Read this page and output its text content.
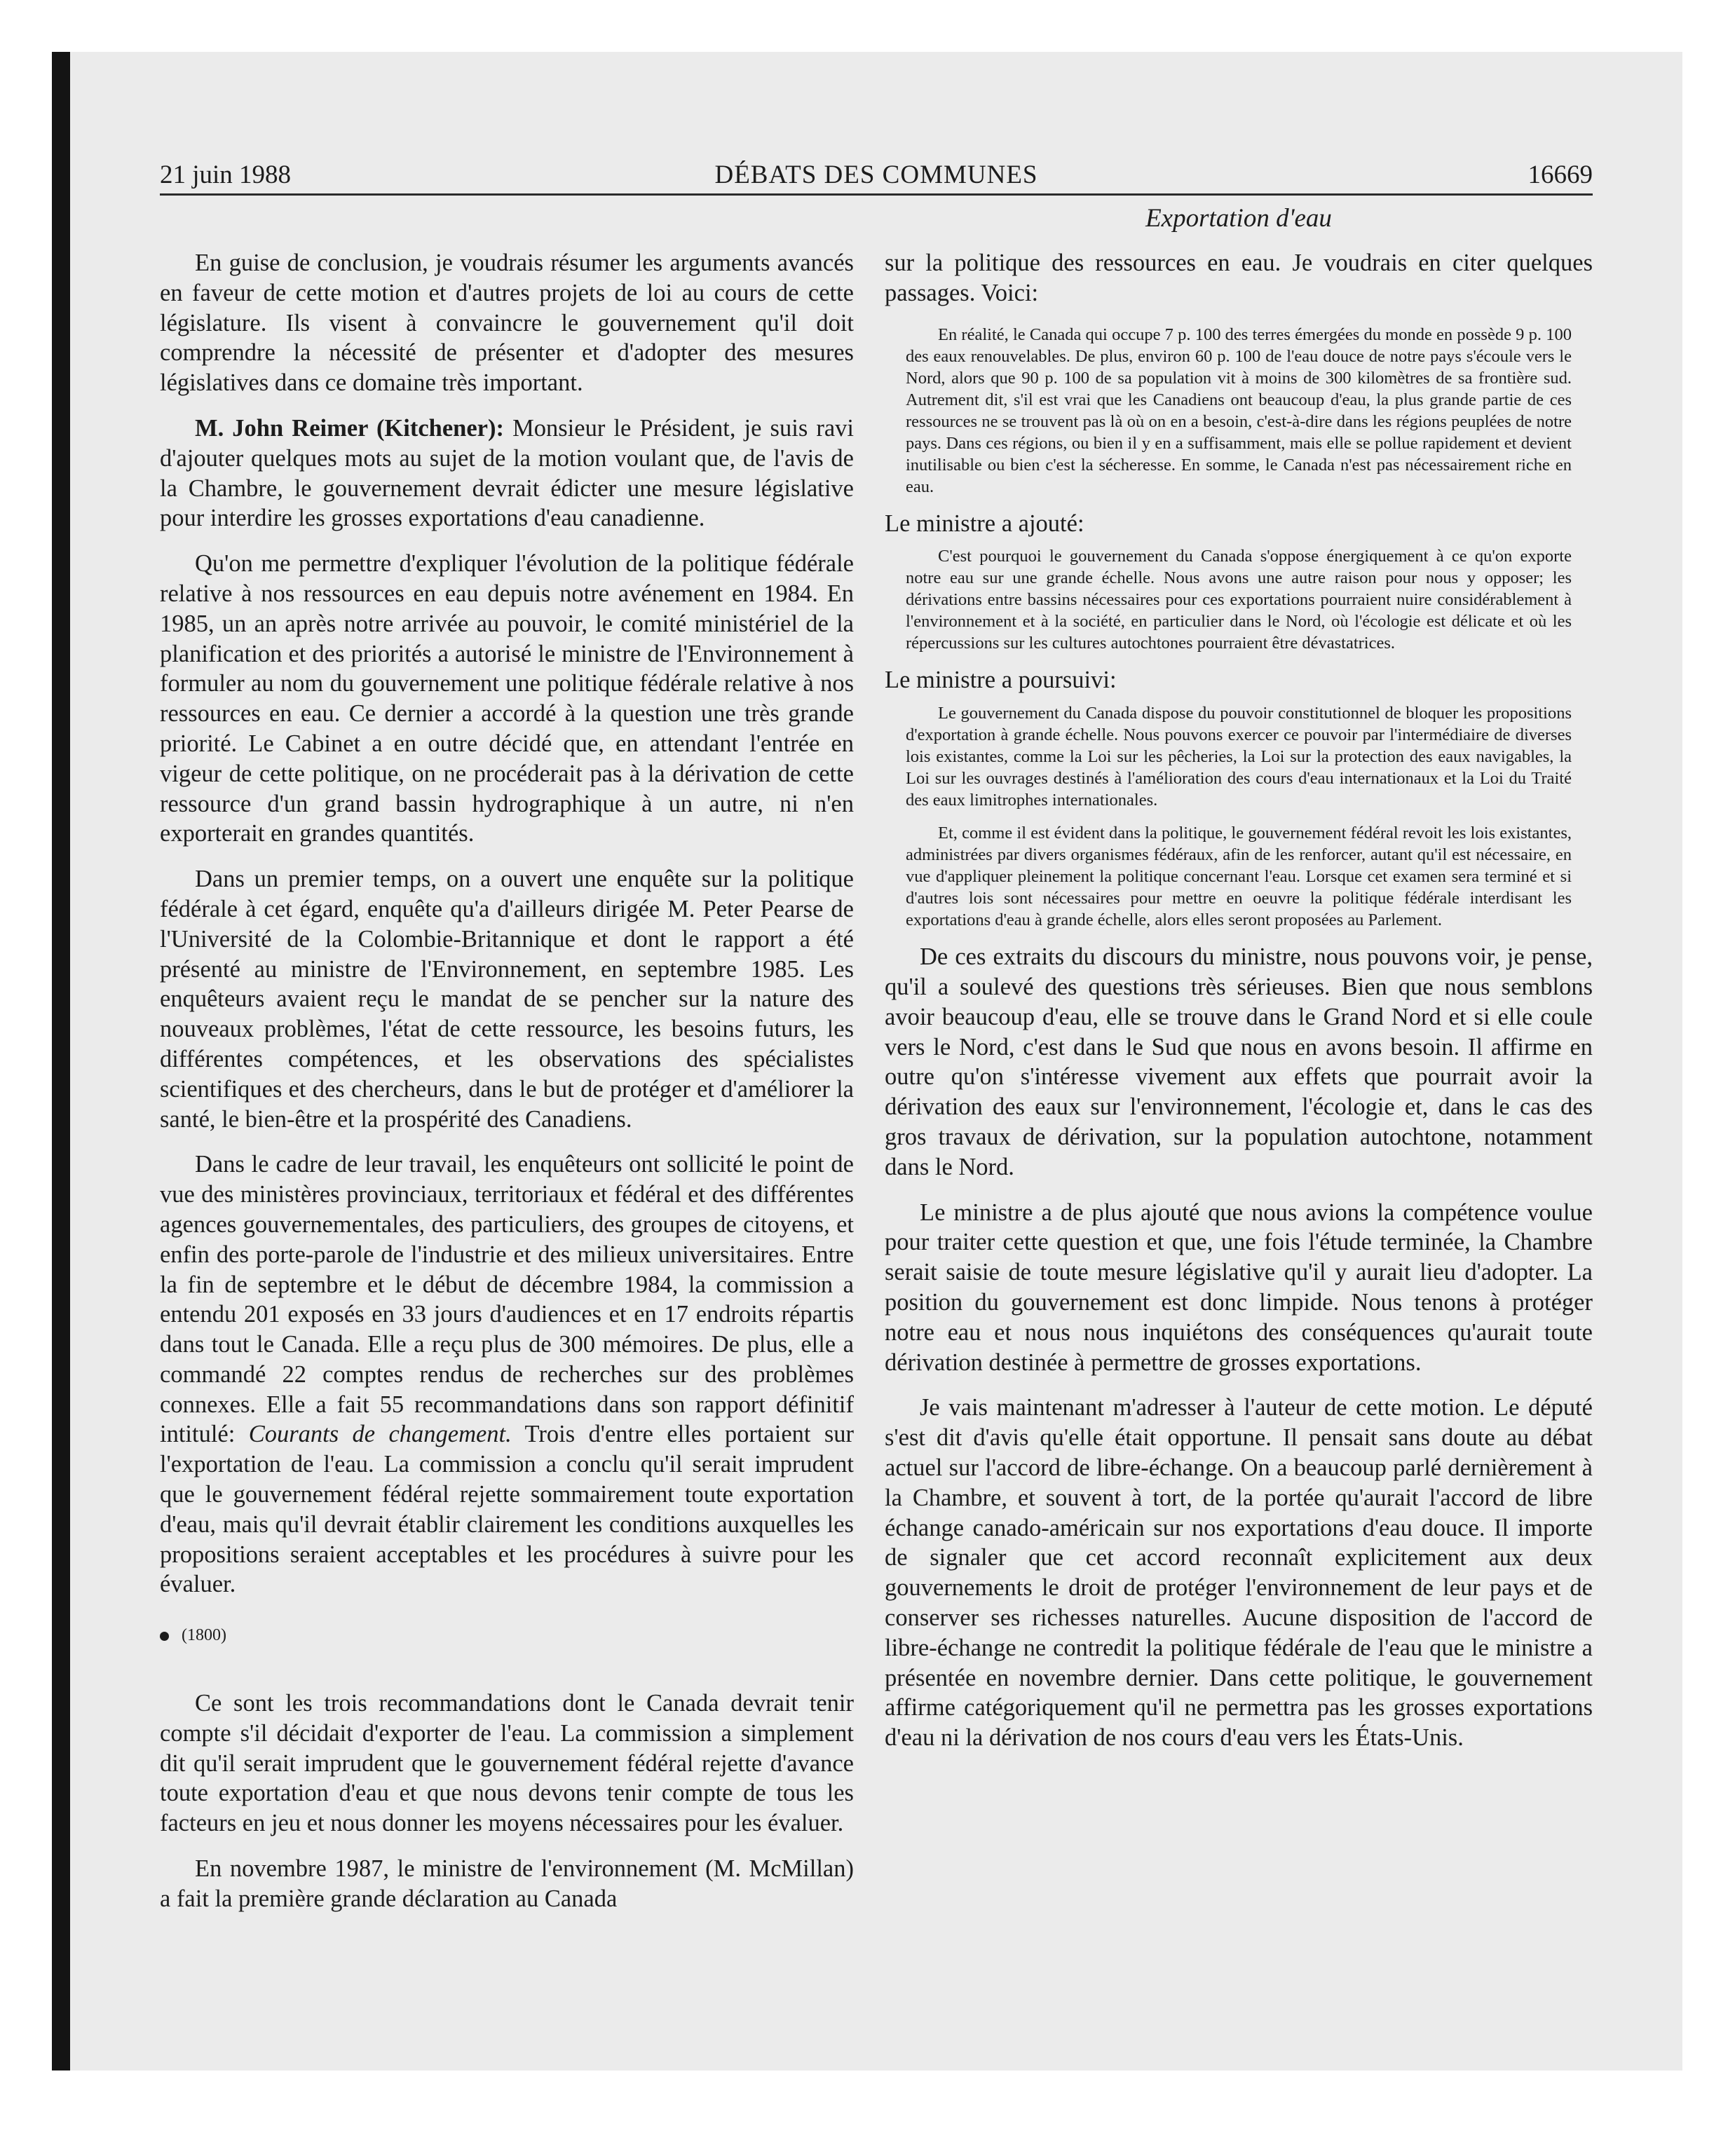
21 juin 1988	DÉBATS DES COMMUNES	16669
Exportation d'eau

En guise de conclusion, je voudrais résumer les arguments avancés en faveur de cette motion et d'autres projets de loi au cours de cette législature. Ils visent à convaincre le gouvernement qu'il doit comprendre la nécessité de présenter et d'adopter des mesures législatives dans ce domaine très important.

M. John Reimer (Kitchener): Monsieur le Président, je suis ravi d'ajouter quelques mots au sujet de la motion voulant que, de l'avis de la Chambre, le gouvernement devrait édicter une mesure législative pour interdire les grosses exportations d'eau canadienne.

Qu'on me permettre d'expliquer l'évolution de la politique fédérale relative à nos ressources en eau depuis notre avénement en 1984. En 1985, un an après notre arrivée au pouvoir, le comité ministériel de la planification et des priorités a autorisé le ministre de l'Environnement à formuler au nom du gouvernement une politique fédérale relative à nos ressources en eau. Ce dernier a accordé à la question une très grande priorité. Le Cabinet a en outre décidé que, en attendant l'entrée en vigeur de cette politique, on ne procéderait pas à la dérivation de cette ressource d'un grand bassin hydrographique à un autre, ni n'en exporterait en grandes quantités.

Dans un premier temps, on a ouvert une enquête sur la politique fédérale à cet égard, enquête qu'a d'ailleurs dirigée M. Peter Pearse de l'Université de la Colombie-Britannique et dont le rapport a été présenté au ministre de l'Environnement, en septembre 1985. Les enquêteurs avaient reçu le mandat de se pencher sur la nature des nouveaux problèmes, l'état de cette ressource, les besoins futurs, les différentes compétences, et les observations des spécialistes scientifiques et des chercheurs, dans le but de protéger et d'améliorer la santé, le bien-être et la prospérité des Canadiens.

Dans le cadre de leur travail, les enquêteurs ont sollicité le point de vue des ministères provinciaux, territoriaux et fédéral et des différentes agences gouvernementales, des particuliers, des groupes de citoyens, et enfin des porte-parole de l'industrie et des milieux universitaires. Entre la fin de septembre et le début de décembre 1984, la commission a entendu 201 exposés en 33 jours d'audiences et en 17 endroits répartis dans tout le Canada. Elle a reçu plus de 300 mémoires. De plus, elle a commandé 22 comptes rendus de recherches sur des problèmes connexes. Elle a fait 55 recommandations dans son rapport définitif intitulé: Courants de changement. Trois d'entre elles portaient sur l'exportation de l'eau. La commission a conclu qu'il serait imprudent que le gouvernement fédéral rejette sommairement toute exportation d'eau, mais qu'il devrait établir clairement les conditions auxquelles les propositions seraient acceptables et les procédures à suivre pour les évaluer.

(1800)

Ce sont les trois recommandations dont le Canada devrait tenir compte s'il décidait d'exporter de l'eau. La commission a simplement dit qu'il serait imprudent que le gouvernement fédéral rejette d'avance toute exportation d'eau et que nous devons tenir compte de tous les facteurs en jeu et nous donner les moyens nécessaires pour les évaluer.

En novembre 1987, le ministre de l'environnement (M. McMillan) a fait la première grande déclaration au Canada

sur la politique des ressources en eau. Je voudrais en citer quelques passages. Voici:

En réalité, le Canada qui occupe 7 p. 100 des terres émergées du monde en possède 9 p. 100 des eaux renouvelables. De plus, environ 60 p. 100 de l'eau douce de notre pays s'écoule vers le Nord, alors que 90 p. 100 de sa population vit à moins de 300 kilomètres de sa frontière sud. Autrement dit, s'il est vrai que les Canadiens ont beaucoup d'eau, la plus grande partie de ces ressources ne se trouvent pas là où on en a besoin, c'est-à-dire dans les régions peuplées de notre pays. Dans ces régions, ou bien il y en a suffisamment, mais elle se pollue rapidement et devient inutilisable ou bien c'est la sécheresse. En somme, le Canada n'est pas nécessairement riche en eau.

Le ministre a ajouté:

C'est pourquoi le gouvernement du Canada s'oppose énergiquement à ce qu'on exporte notre eau sur une grande échelle. Nous avons une autre raison pour nous y opposer; les dérivations entre bassins nécessaires pour ces exportations pourraient nuire considérablement à l'environnement et à la société, en particulier dans le Nord, où l'écologie est délicate et où les répercussions sur les cultures autochtones pourraient être dévastatrices.

Le ministre a poursuivi:

Le gouvernement du Canada dispose du pouvoir constitutionnel de bloquer les propositions d'exportation à grande échelle. Nous pouvons exercer ce pouvoir par l'intermédiaire de diverses lois existantes, comme la Loi sur les pêcheries, la Loi sur la protection des eaux navigables, la Loi sur les ouvrages destinés à l'amélioration des cours d'eau internationaux et la Loi du Traité des eaux limitrophes internationales.

Et, comme il est évident dans la politique, le gouvernement fédéral revoit les lois existantes, administrées par divers organismes fédéraux, afin de les renforcer, autant qu'il est nécessaire, en vue d'appliquer pleinement la politique concernant l'eau. Lorsque cet examen sera terminé et si d'autres lois sont nécessaires pour mettre en oeuvre la politique fédérale interdisant les exportations d'eau à grande échelle, alors elles seront proposées au Parlement.

De ces extraits du discours du ministre, nous pouvons voir, je pense, qu'il a soulevé des questions très sérieuses. Bien que nous semblons avoir beaucoup d'eau, elle se trouve dans le Grand Nord et si elle coule vers le Nord, c'est dans le Sud que nous en avons besoin. Il affirme en outre qu'on s'intéresse vivement aux effets que pourrait avoir la dérivation des eaux sur l'environnement, l'écologie et, dans le cas des gros travaux de dérivation, sur la population autochtone, notamment dans le Nord.

Le ministre a de plus ajouté que nous avions la compétence voulue pour traiter cette question et que, une fois l'étude terminée, la Chambre serait saisie de toute mesure législative qu'il y aurait lieu d'adopter. La position du gouvernement est donc limpide. Nous tenons à protéger notre eau et nous nous inquiétons des conséquences qu'aurait toute dérivation destinée à permettre de grosses exportations.

Je vais maintenant m'adresser à l'auteur de cette motion. Le député s'est dit d'avis qu'elle était opportune. Il pensait sans doute au débat actuel sur l'accord de libre-échange. On a beaucoup parlé dernièrement à la Chambre, et souvent à tort, de la portée qu'aurait l'accord de libre échange canado-américain sur nos exportations d'eau douce. Il importe de signaler que cet accord reconnaît explicitement aux deux gouvernements le droit de protéger l'environnement de leur pays et de conserver ses richesses naturelles. Aucune disposition de l'accord de libre-échange ne contredit la politique fédérale de l'eau que le ministre a présentée en novembre dernier. Dans cette politique, le gouvernement affirme catégoriquement qu'il ne permettra pas les grosses exportations d'eau ni la dérivation de nos cours d'eau vers les États-Unis.
